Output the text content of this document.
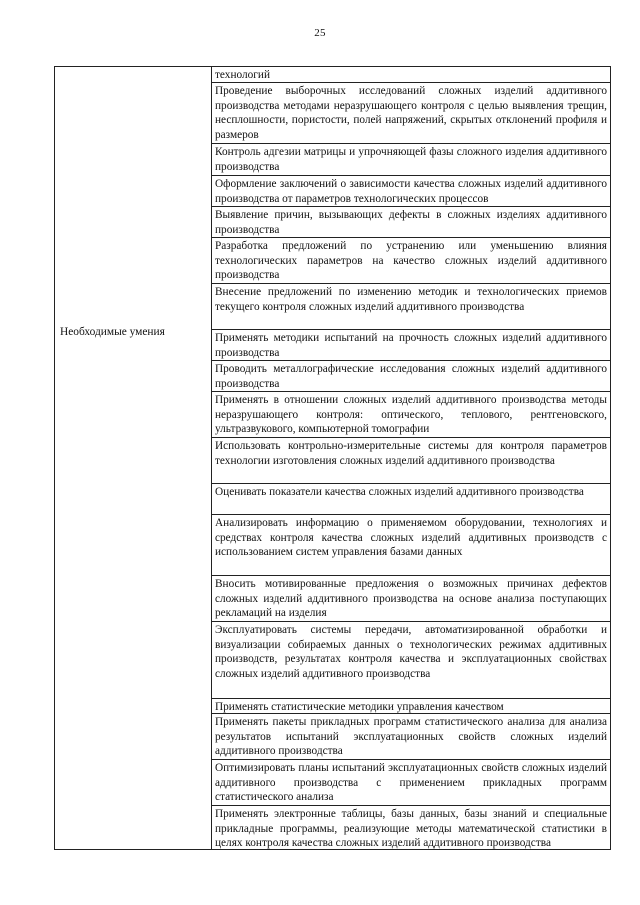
25
Необходимые умения
технологий
Проведение выборочных исследований сложных изделий аддитивного производства методами неразрушающего контроля с целью выявления трещин, несплошности, пористости, полей напряжений, скрытых отклонений профиля и размеров
Контроль адгезии матрицы и упрочняющей фазы сложного изделия аддитивного производства
Оформление заключений о зависимости качества сложных изделий аддитивного производства от параметров технологических процессов
Выявление причин, вызывающих дефекты в сложных изделиях аддитивного производства
Разработка предложений по устранению или уменьшению влияния технологических параметров на качество сложных изделий аддитивного производства
Внесение предложений по изменению методик и технологических приемов текущего контроля сложных изделий аддитивного производства
Применять методики испытаний на прочность сложных изделий аддитивного производства
Проводить металлографические исследования сложных изделий аддитивного производства
Применять в отношении сложных изделий аддитивного производства методы неразрушающего контроля: оптического, теплового, рентгеновского, ультразвукового, компьютерной томографии
Использовать контрольно-измерительные системы для контроля параметров технологии изготовления сложных изделий аддитивного производства
Оценивать показатели качества сложных изделий аддитивного производства
Анализировать информацию о применяемом оборудовании, технологиях и средствах контроля качества сложных изделий аддитивных производств с использованием систем управления базами данных
Вносить мотивированные предложения о возможных причинах дефектов сложных изделий аддитивного производства на основе анализа поступающих рекламаций на изделия
Эксплуатировать системы передачи, автоматизированной обработки и визуализации собираемых данных о технологических режимах аддитивных производств, результатах контроля качества и эксплуатационных свойствах сложных изделий аддитивного производства
Применять статистические методики управления качеством
Применять пакеты прикладных программ статистического анализа для анализа результатов испытаний эксплуатационных свойств сложных изделий аддитивного производства
Оптимизировать планы испытаний эксплуатационных свойств сложных изделий аддитивного производства с применением прикладных программ статистического анализа
Применять электронные таблицы, базы данных, базы знаний и специальные прикладные программы, реализующие методы математической статистики в целях контроля качества сложных изделий аддитивного производства
